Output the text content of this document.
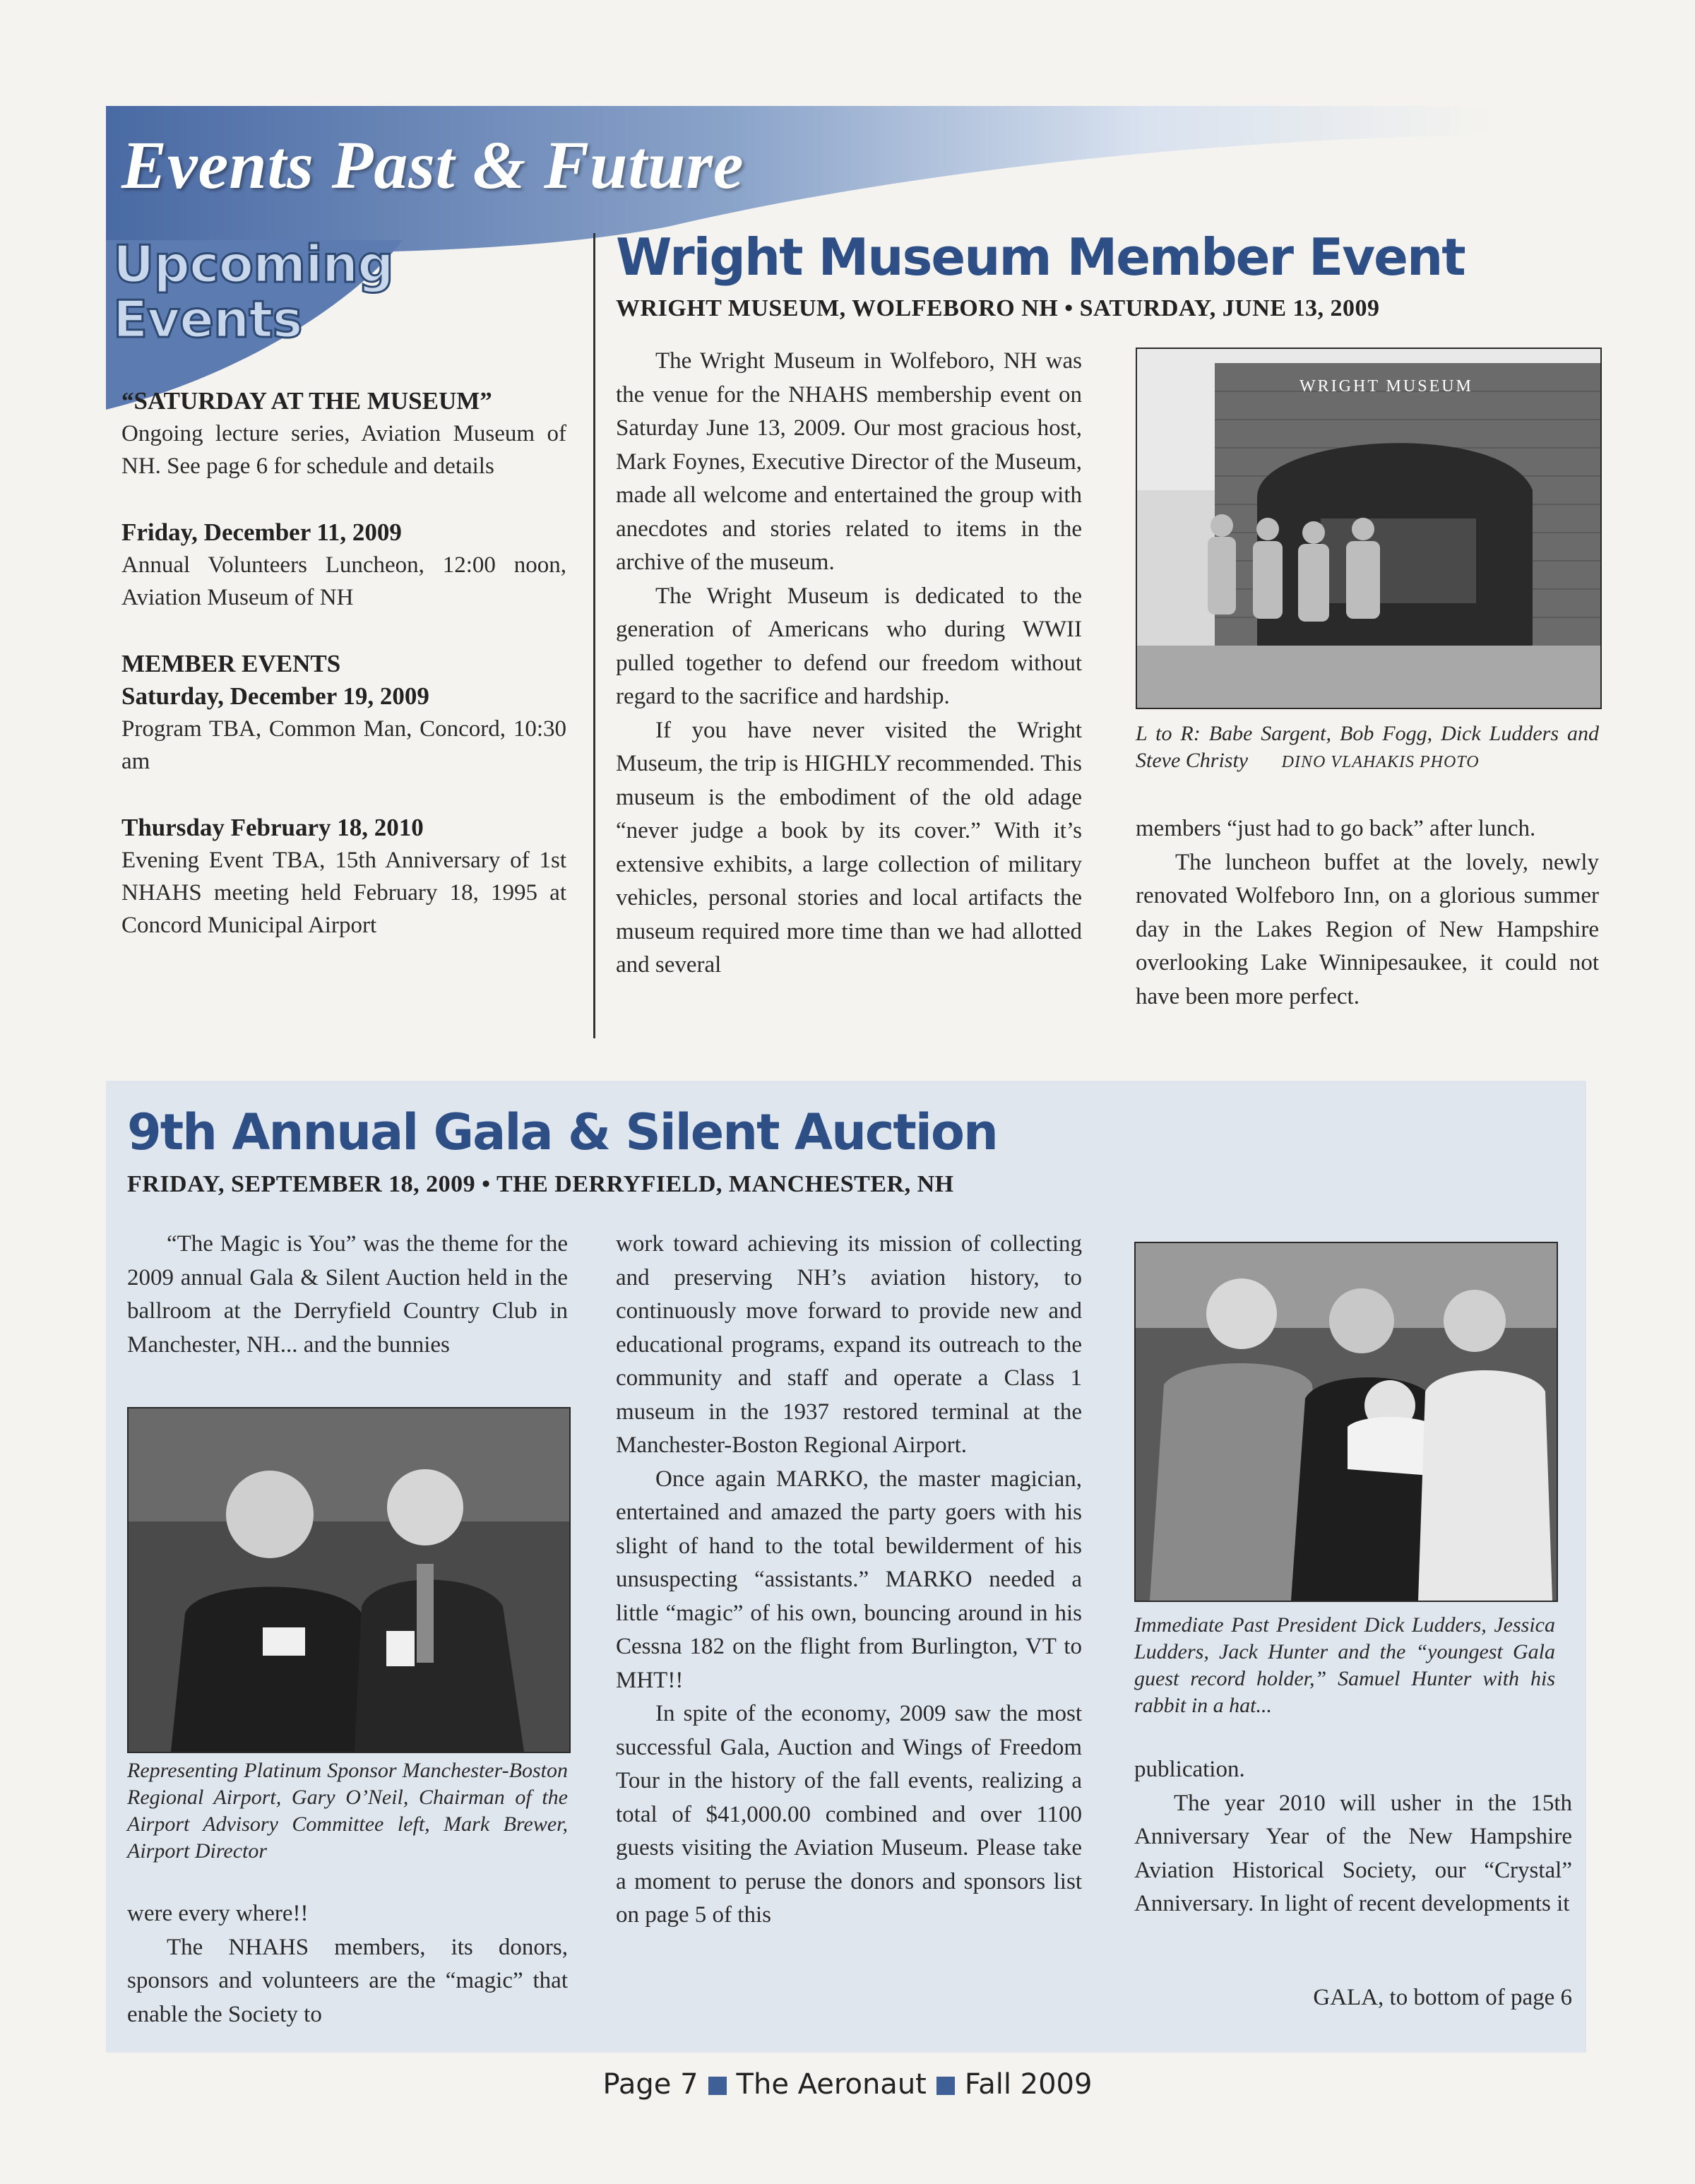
Events Past & Future
Upcoming Events
“SATURDAY AT THE MUSEUM”
Ongoing lecture series, Aviation Museum of NH. See page 6 for schedule and details
Friday, December 11, 2009
Annual Volunteers Luncheon, 12:00 noon, Aviation Museum of NH
MEMBER EVENTS
Saturday, December 19, 2009
Program TBA, Common Man, Concord, 10:30 am
Thursday February 18, 2010
Evening Event TBA, 15th Anniversary of 1st NHAHS meeting held February 18, 1995 at Concord Municipal Airport
Wright Museum Member Event
WRIGHT MUSEUM, WOLFEBORO NH • SATURDAY, JUNE 13, 2009

The Wright Museum in Wolfeboro, NH was the venue for the NHAHS membership event on Saturday June 13, 2009. Our most gracious host, Mark Foynes, Executive Director of the Museum, made all welcome and entertained the group with anecdotes and stories related to items in the archive of the museum.

The Wright Museum is dedicated to the generation of Americans who during WWII pulled together to defend our freedom without regard to the sacrifice and hardship.

If you have never visited the Wright Museum, the trip is HIGHLY recommended. This museum is the embodiment of the old adage “never judge a book by its cover.” With it’s extensive exhibits, a large collection of military vehicles, personal stories and local artifacts the museum required more time than we had allotted and several

WRIGHT MUSEUM
L to R: Babe Sargent, Bob Fogg, Dick Ludders and Steve Christy DINO VLAHAKIS PHOTO

members “just had to go back” after lunch.

The luncheon buffet at the lovely, newly renovated Wolfeboro Inn, on a glorious summer day in the Lakes Region of New Hampshire overlooking Lake Winnipesaukee, it could not have been more perfect.

9th Annual Gala & Silent Auction
FRIDAY, SEPTEMBER 18, 2009 • THE DERRYFIELD, MANCHESTER, NH

“The Magic is You” was the theme for the 2009 annual Gala & Silent Auction held in the ballroom at the Derryfield Country Club in Manchester, NH... and the bunnies

Representing Platinum Sponsor Manchester-Boston Regional Airport, Gary O’Neil, Chairman of the Airport Advisory Committee left, Mark Brewer, Airport Director

were every where!!

The NHAHS members, its donors, sponsors and volunteers are the “magic” that enable the Society to

work toward achieving its mission of collecting and preserving NH’s aviation history, to continuously move forward to provide new and educational programs, expand its outreach to the community and staff and operate a Class 1 museum in the 1937 restored terminal at the Manchester-Boston Regional Airport.

Once again MARKO, the master magician, entertained and amazed the party goers with his slight of hand to the total bewilderment of his unsuspecting “assistants.” MARKO needed a little “magic” of his own, bouncing around in his Cessna 182 on the flight from Burlington, VT to MHT!!

In spite of the economy, 2009 saw the most successful Gala, Auction and Wings of Freedom Tour in the history of the fall events, realizing a total of $41,000.00 combined and over 1100 guests visiting the Aviation Museum. Please take a moment to peruse the donors and sponsors list on page 5 of this

Immediate Past President Dick Ludders, Jessica Ludders, Jack Hunter and the “youngest Gala guest record holder,” Samuel Hunter with his rabbit in a hat...

publication.

The year 2010 will usher in the 15th Anniversary Year of the New Hampshire Aviation Historical Society, our “Crystal” Anniversary. In light of recent developments it

GALA, to bottom of page 6
Page 7 The Aeronaut Fall 2009
